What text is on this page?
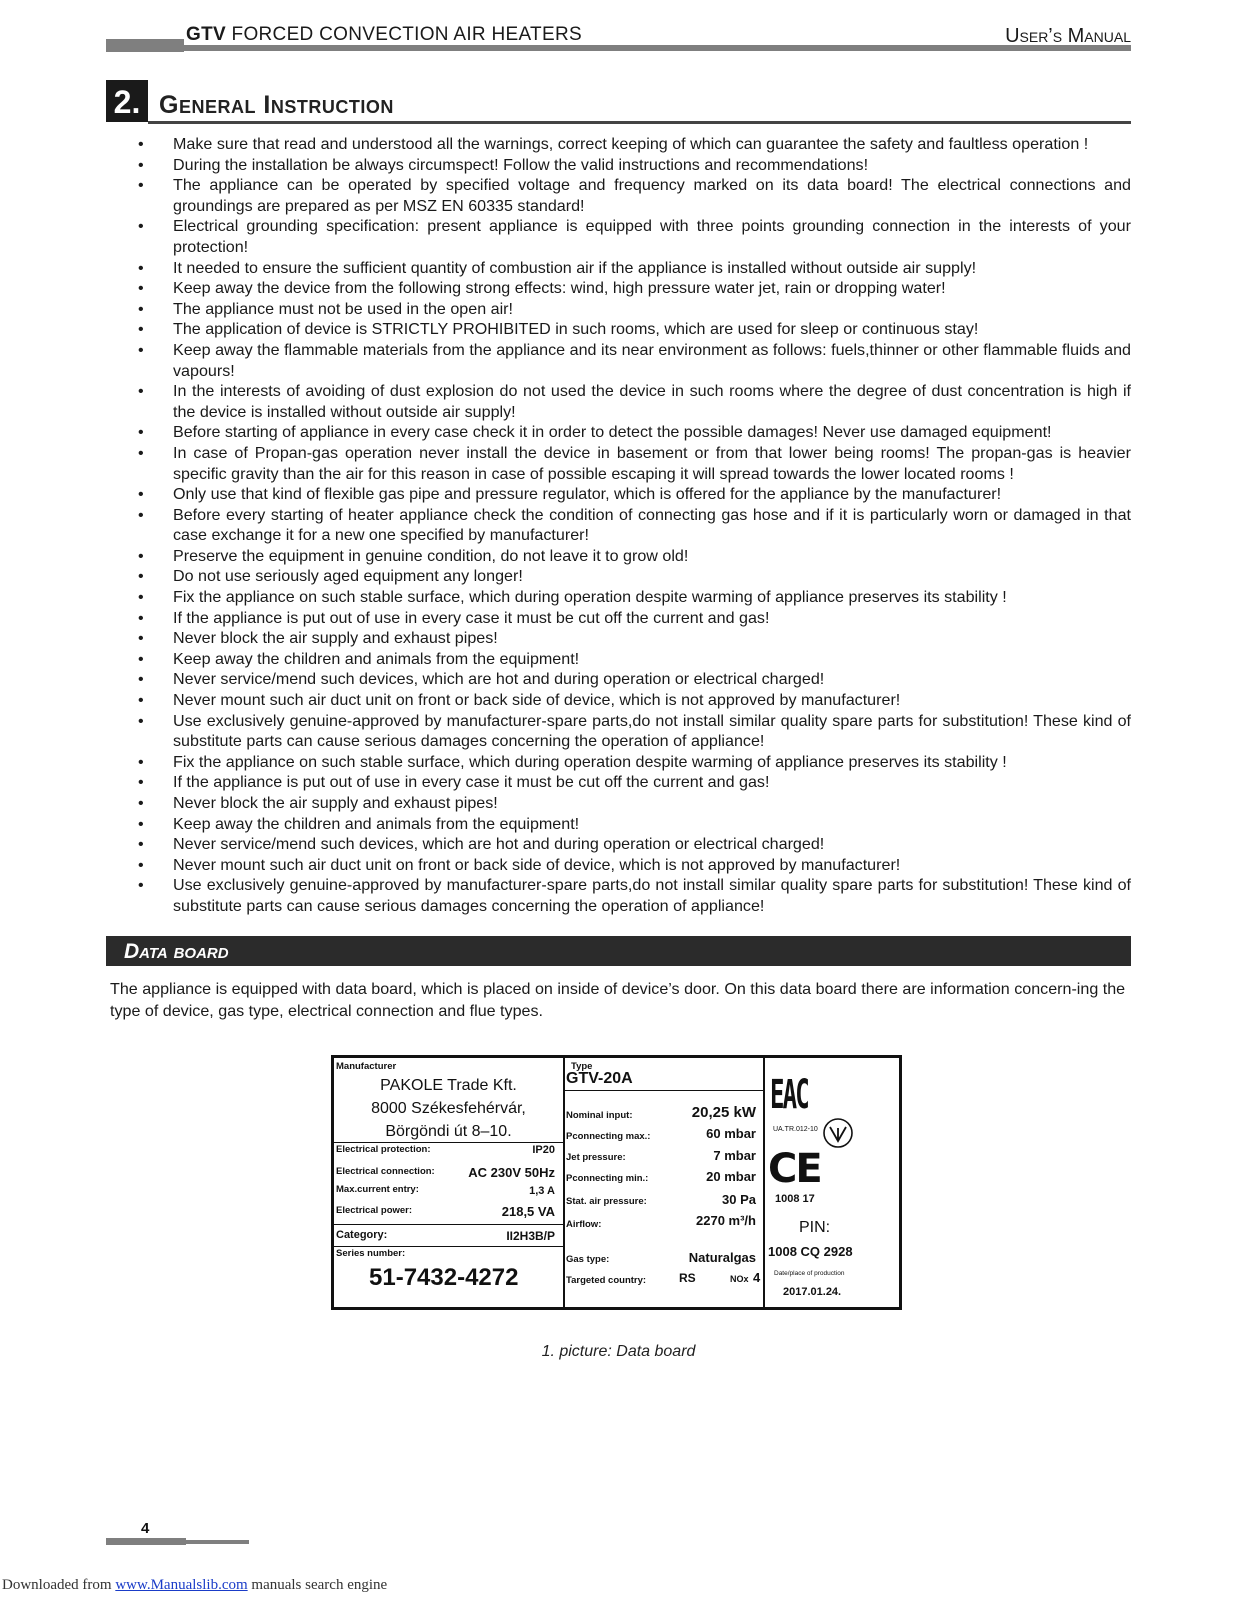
GTV FORCED CONVECTION AIR HEATERS	User’s Manual
2. General Instruction
• Make sure that read and understood all the warnings, correct keeping of which can guarantee the safety and faultless operation !
• During the installation be always circumspect! Follow the valid instructions and recommendations!
• The appliance can be operated by specified voltage and frequency marked on its data board! The electrical connections and groundings are prepared as per MSZ EN 60335 standard!
• Electrical grounding specification: present appliance is equipped with three points grounding connection in the interests of your protection!
• It needed to ensure the sufficient quantity of combustion air if the appliance is installed without outside air supply!
• Keep away the device from the following strong effects: wind, high pressure water jet, rain or dropping water!
• The appliance must not be used in the open air!
• The application of device is STRICTLY PROHIBITED in such rooms, which are used for sleep or continuous stay!
• Keep away the flammable materials from the appliance and its near environment as follows: fuels,thinner or other flammable fluids and vapours!
• In the interests of avoiding of dust explosion do not used the device in such rooms where the degree of dust concentration is high if the device is installed without outside air supply!
• Before starting of appliance in every case check it in order to detect the possible damages! Never use damaged equipment!
• In case of Propan-gas operation never install the device in basement or from that lower being rooms! The propan-gas is heavier specific gravity than the air for this reason in case of possible escaping it will spread towards the lower located rooms !
• Only use that kind of flexible gas pipe and pressure regulator, which is offered for the appliance by the manufacturer!
• Before every starting of heater appliance check the condition of connecting gas hose and if it is particularly worn or damaged in that case exchange it for a new one specified by manufacturer!
• Preserve the equipment in genuine condition, do not leave it to grow old!
• Do not use seriously aged equipment any longer!
• Fix the appliance on such stable surface, which during operation despite warming of appliance preserves its stability !
• If the appliance is put out of use in every case it must be cut off the current and gas!
• Never block the air supply and exhaust pipes!
• Keep away the children and animals from the equipment!
• Never service/mend such devices, which are hot and during operation or electrical charged!
• Never mount such air duct unit on front or back side of device, which is not approved by manufacturer!
• Use exclusively genuine-approved by manufacturer-spare parts,do not install similar quality spare parts for substitution! These kind of substitute parts can cause serious damages concerning the operation of appliance!
• Fix the appliance on such stable surface, which during operation despite warming of appliance preserves its stability !
• If the appliance is put out of use in every case it must be cut off the current and gas!
• Never block the air supply and exhaust pipes!
• Keep away the children and animals from the equipment!
• Never service/mend such devices, which are hot and during operation or electrical charged!
• Never mount such air duct unit on front or back side of device, which is not approved by manufacturer!
• Use exclusively genuine-approved by manufacturer-spare parts,do not install similar quality spare parts for substitution! These kind of substitute parts can cause serious damages concerning the operation of appliance!
Data board
The appliance is equipped with data board, which is placed on inside of device’s door. On this data board there are information concern-ing the type of device, gas type, electrical connection and flue types.
Manufacturer
PAKOLE Trade Kft.
8000 Székesfehérvár,
Börgöndi út 8–10.
Electrical protection:	IP20
Electrical connection:	AC 230V 50Hz
Max.current entry:	1,3 A
Electrical power:	218,5 VA
Category:	II2H3B/P
Series number:
51-7432-4272
Type
GTV-20A
Nominal input:	20,25 kW
Pconnecting max.:	60 mbar
Jet pressure:	7 mbar
Pconnecting min.:	20 mbar
Stat. air pressure:	30 Pa
Airflow:	2270 m³/h
Gas type:	Naturalgas
Targeted country:	RS	NOx 4
EAC
UA.TR.012-10
CE
1008 17
PIN:
1008 CQ 2928
Date/place of production
2017.01.24.
1. picture: Data board
4
Downloaded from www.Manualslib.com manuals search engine
